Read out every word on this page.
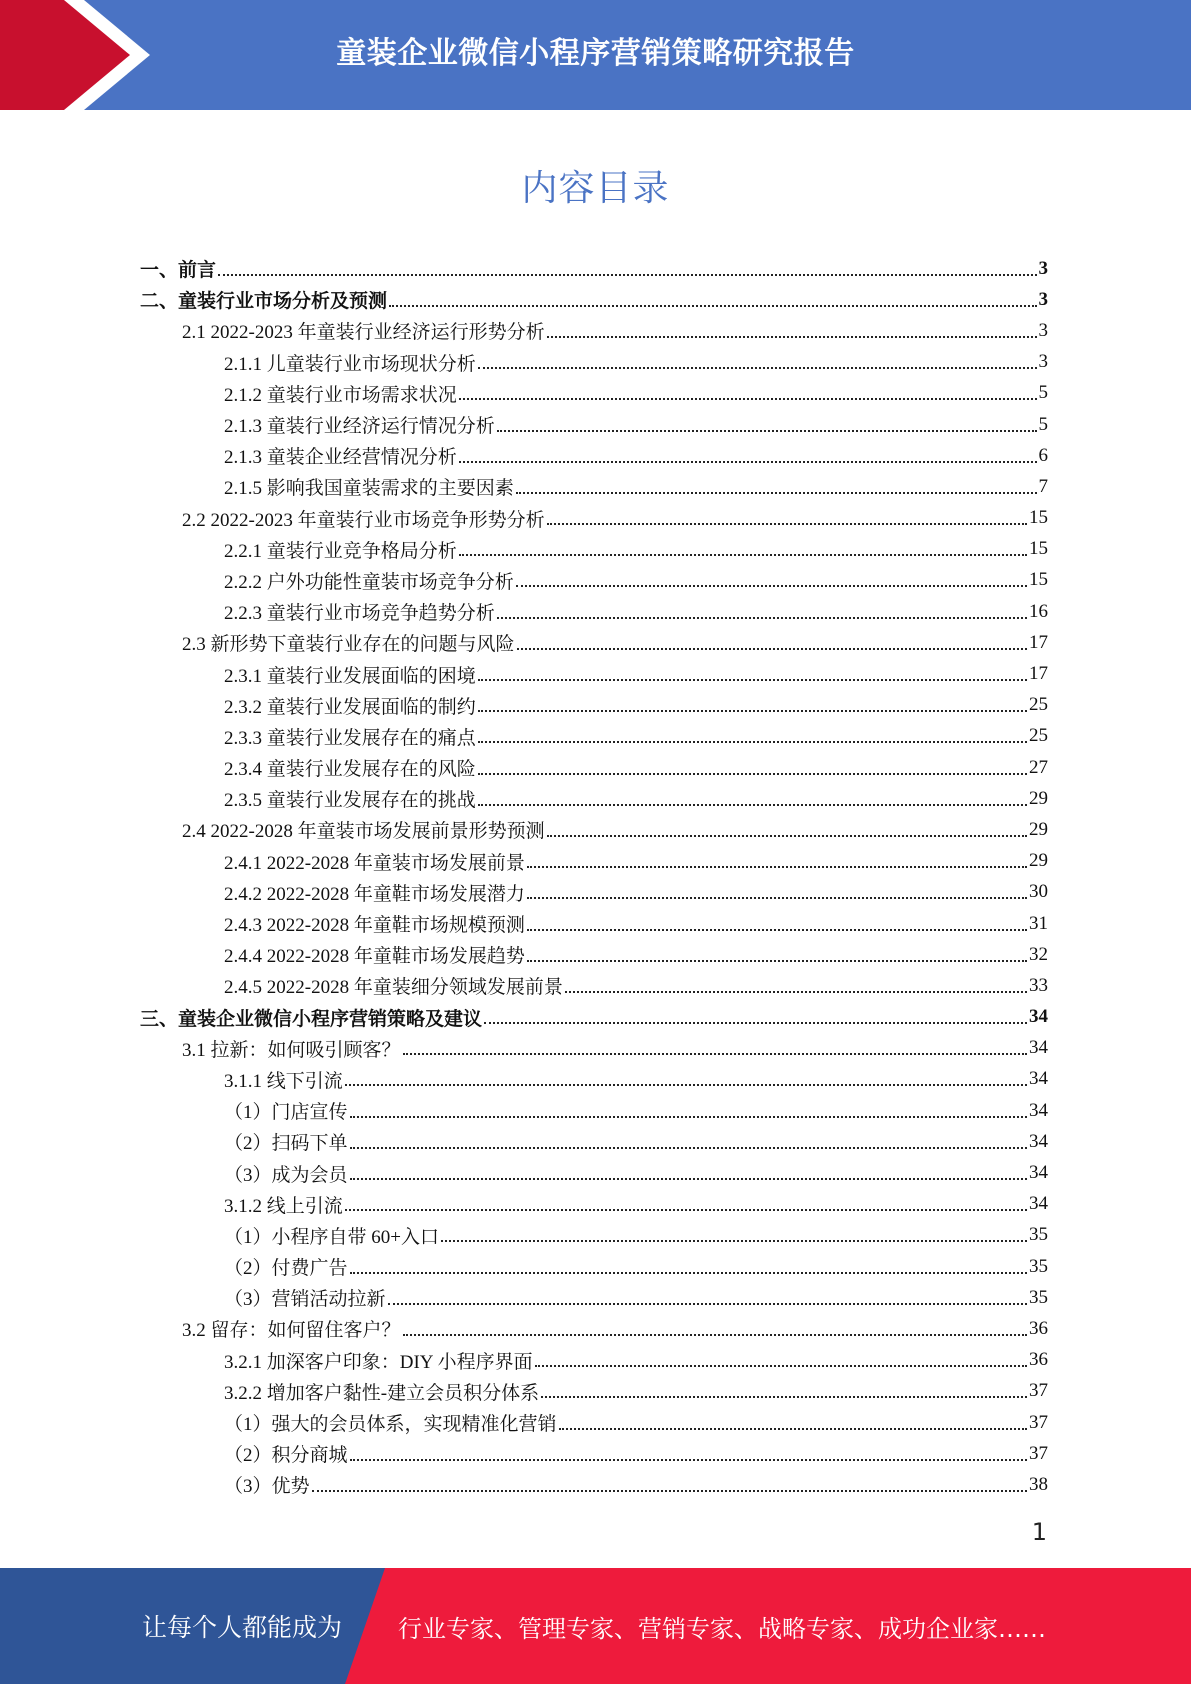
童装企业微信小程序营销策略研究报告
内容目录
一、前言	3
二、童装行业市场分析及预测	3
2.1 2022-2023 年童装行业经济运行形势分析	3
2.1.1 儿童装行业市场现状分析	3
2.1.2 童装行业市场需求状况	5
2.1.3 童装行业经济运行情况分析	5
2.1.3 童装企业经营情况分析	6
2.1.5 影响我国童装需求的主要因素	7
2.2 2022-2023 年童装行业市场竞争形势分析	15
2.2.1 童装行业竞争格局分析	15
2.2.2 户外功能性童装市场竞争分析	15
2.2.3 童装行业市场竞争趋势分析	16
2.3 新形势下童装行业存在的问题与风险	17
2.3.1 童装行业发展面临的困境	17
2.3.2 童装行业发展面临的制约	25
2.3.3 童装行业发展存在的痛点	25
2.3.4 童装行业发展存在的风险	27
2.3.5 童装行业发展存在的挑战	29
2.4 2022-2028 年童装市场发展前景形势预测	29
2.4.1 2022-2028 年童装市场发展前景	29
2.4.2 2022-2028 年童鞋市场发展潜力	30
2.4.3 2022-2028 年童鞋市场规模预测	31
2.4.4 2022-2028 年童鞋市场发展趋势	32
2.4.5 2022-2028 年童装细分领域发展前景	33
三、童装企业微信小程序营销策略及建议	34
3.1 拉新：如何吸引顾客？	34
3.1.1 线下引流	34
（1）门店宣传	34
（2）扫码下单	34
（3）成为会员	34
3.1.2 线上引流	34
（1）小程序自带 60+入口	35
（2）付费广告	35
（3）营销活动拉新	35
3.2 留存：如何留住客户？	36
3.2.1 加深客户印象：DIY 小程序界面	36
3.2.2 增加客户黏性-建立会员积分体系	37
（1）强大的会员体系，实现精准化营销	37
（2）积分商城	37
（3）优势	38
1
让每个人都能成为 行业专家、管理专家、营销专家、战略专家、成功企业家……
